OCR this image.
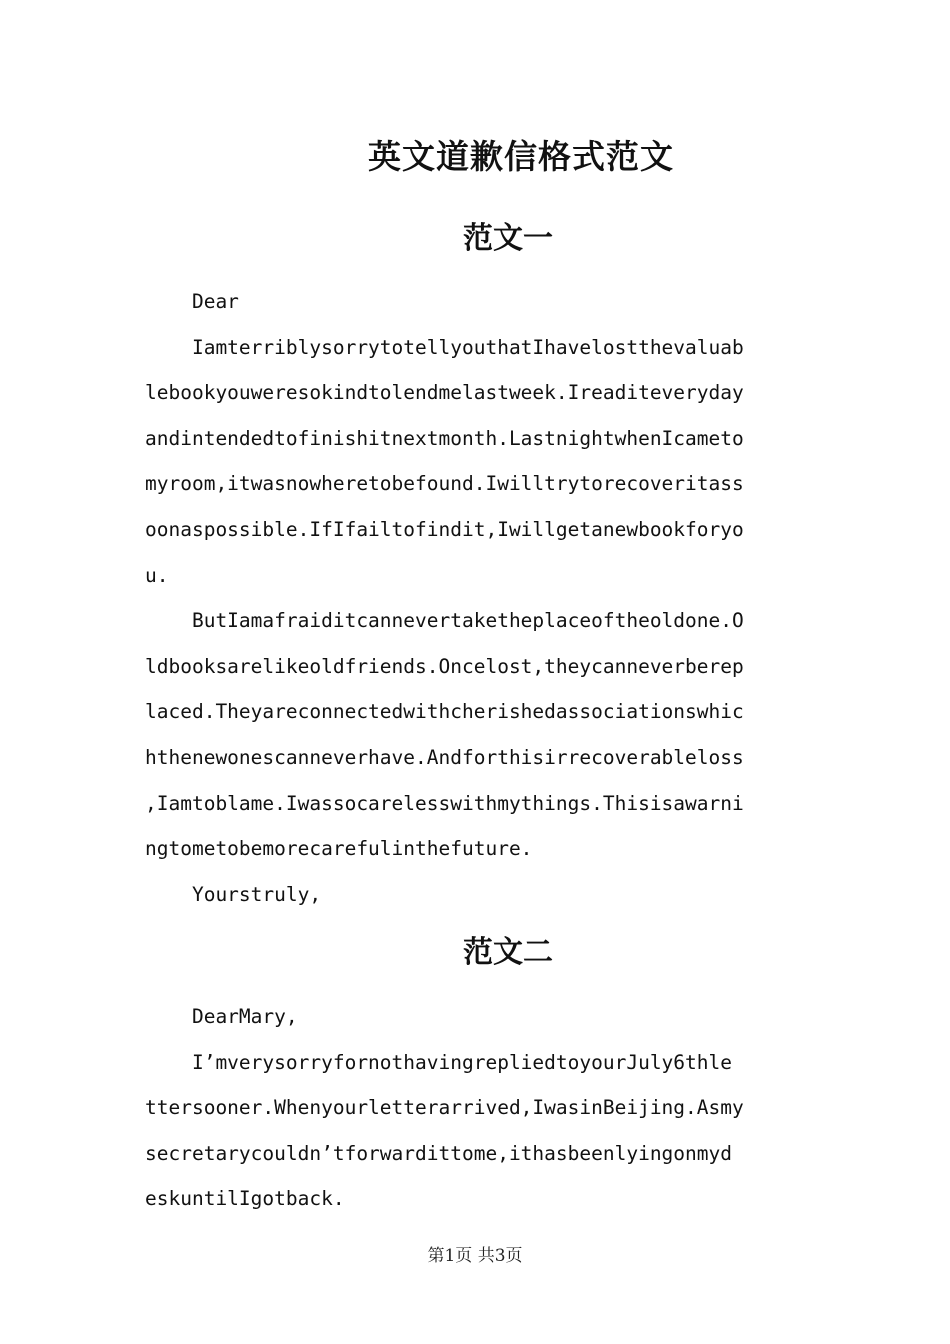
英文道歉信格式范文
范文一
Dear
IamterriblysorrytotellyouthatIhavelostthevaluab
lebookyouweresokindtolendmelastweek.Ireaditeveryday
andintendedtofinishitnextmonth.LastnightwhenIcameto
myroom,itwasnowheretobefound.Iwilltrytorecoveritass
oonaspossible.IfIfailtofindit,Iwillgetanewbookforyo
u.
ButIamafraiditcannevertaketheplaceoftheoldone.O
ldbooksarelikeoldfriends.Oncelost,theycanneverberep
laced.Theyareconnectedwithcherishedassociationswhic
hthenewonescanneverhave.Andforthisirrecoverableloss
,Iamtoblame.Iwassocarelesswithmythings.Thisisawarni
ngtometobemorecarefulinthefuture.
Yourstruly,
范文二
DearMary,
I’mverysorryfornothavingrepliedtoyourJuly6thle
ttersooner.Whenyourletterarrived,IwasinBeijing.Asmy
secretarycouldn’tforwardittome,ithasbeenlyingonmyd
eskuntilIgotback.
第1页 共3页
